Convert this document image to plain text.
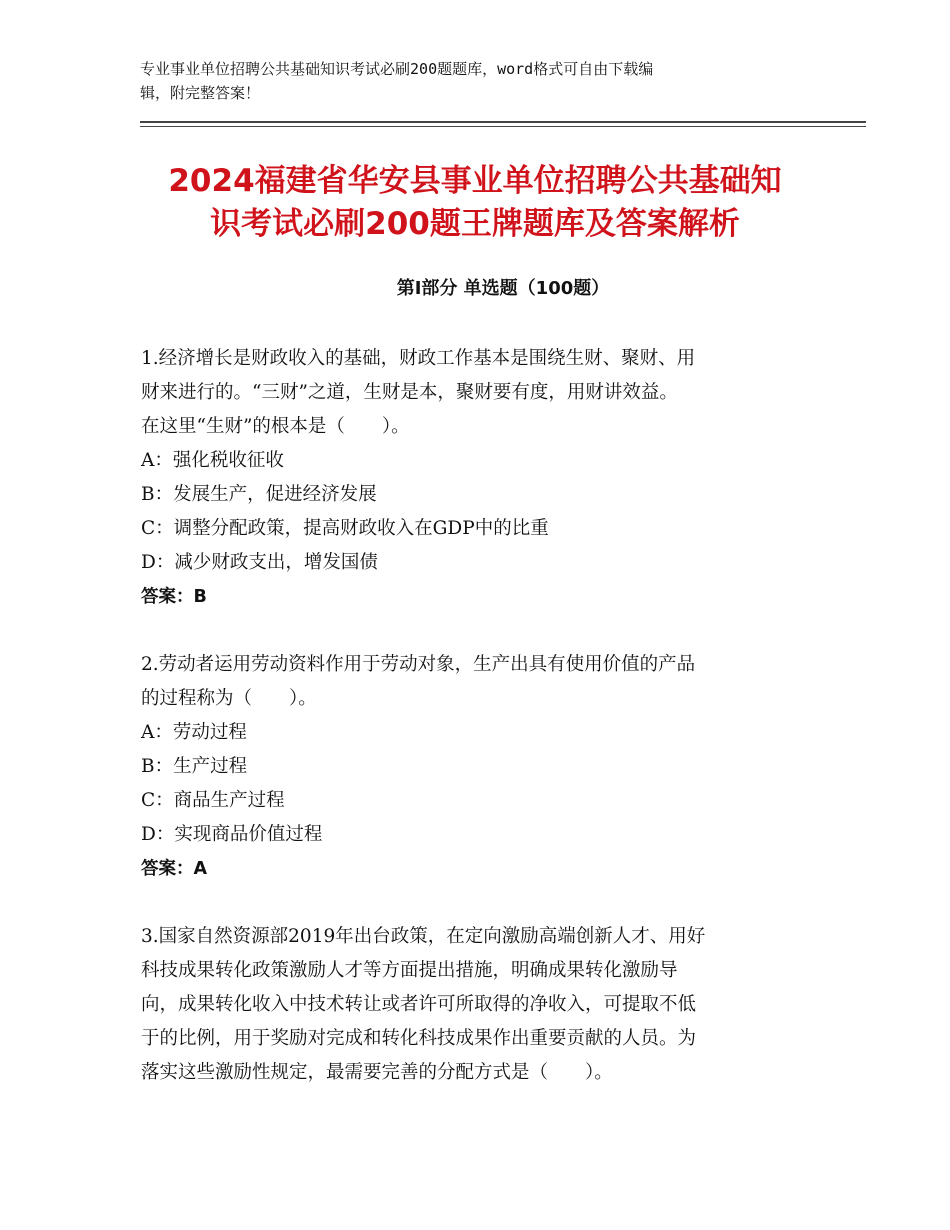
专业事业单位招聘公共基础知识考试必刷200题题库，word格式可自由下载编
辑，附完整答案！
2024福建省华安县事业单位招聘公共基础知
识考试必刷200题王牌题库及答案解析
第Ⅰ部分 单选题（100题）
1.经济增长是财政收入的基础，财政工作基本是围绕生财、聚财、用
财来进行的。“三财”之道，生财是本，聚财要有度，用财讲效益。
在这里“生财”的根本是（　　）。
A：强化税收征收
B：发展生产，促进经济发展
C：调整分配政策，提高财政收入在GDP中的比重
D：减少财政支出，增发国债
答案：B
2.劳动者运用劳动资料作用于劳动对象，生产出具有使用价值的产品
的过程称为（　　）。
A：劳动过程
B：生产过程
C：商品生产过程
D：实现商品价值过程
答案：A
3.国家自然资源部2019年出台政策，在定向激励高端创新人才、用好
科技成果转化政策激励人才等方面提出措施，明确成果转化激励导
向，成果转化收入中技术转让或者许可所取得的净收入，可提取不低
于的比例，用于奖励对完成和转化科技成果作出重要贡献的人员。为
落实这些激励性规定，最需要完善的分配方式是（　　）。
